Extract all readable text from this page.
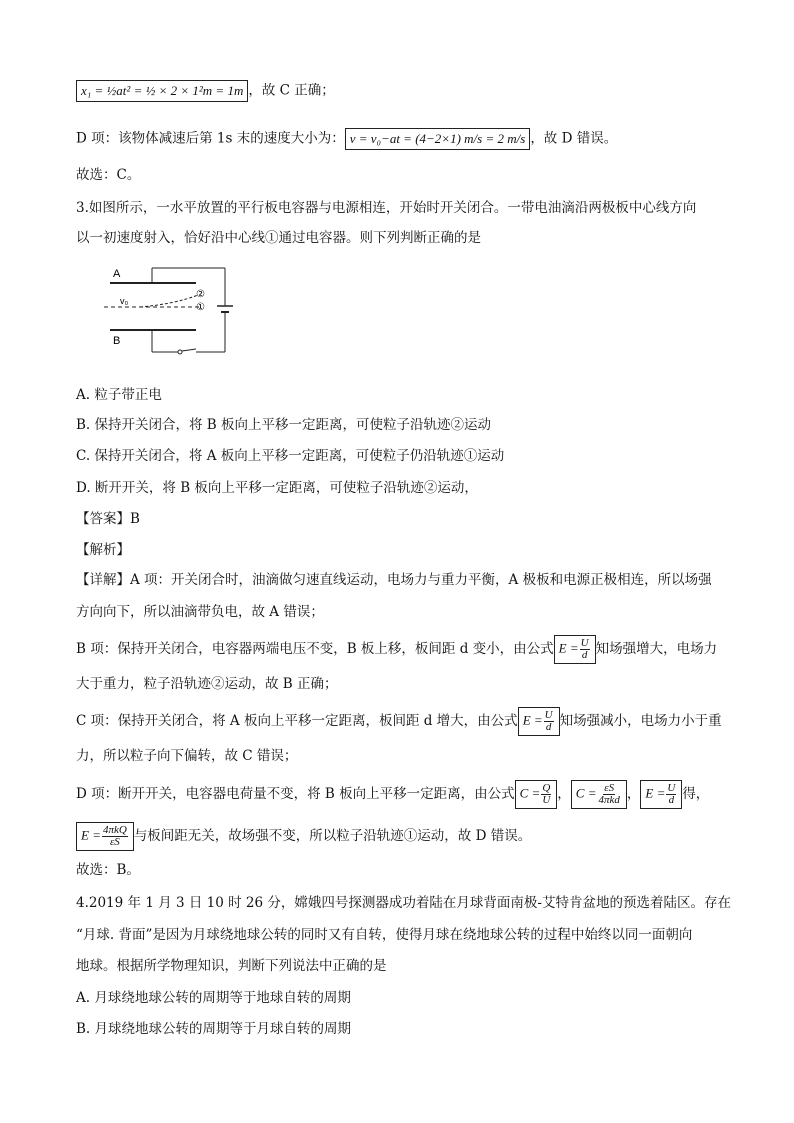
x₁ = ½at² = ½ × 2 × 1²m = 1m ，故 C 正确；
D 项：该物体减速后第 1s 末的速度大小为： v = v₀−at = (4−2×1) m/s = 2 m/s ，故 D 错误。
故选：C。
3.如图所示，一水平放置的平行板电容器与电源相连，开始时开关闭合。一带电油滴沿两极板中心线方向
以一初速度射入，恰好沿中心线①通过电容器。则下列判断正确的是
A
B
v₀
②
①
A. 粒子带正电
B. 保持开关闭合，将 B 板向上平移一定距离，可使粒子沿轨迹②运动
C. 保持开关闭合，将 A 板向上平移一定距离，可使粒子仍沿轨迹①运动
D. 断开开关，将 B 板向上平移一定距离，可使粒子沿轨迹②运动，
【答案】B
【解析】
【详解】A 项：开关闭合时，油滴做匀速直线运动，电场力与重力平衡，A 极板和电源正极相连，所以场强
方向向下，所以油滴带负电，故 A 错误；
B 项：保持开关闭合，电容器两端电压不变，B 板上移，板间距 d 变小，由公式 $E = \frac{U}{d}$ 知场强增大，电场力
大于重力，粒子沿轨迹②运动，故 B 正确；
C 项：保持开关闭合，将 A 板向上平移一定距离，板间距 d 增大，由公式 $E = \frac{U}{d}$ 知场强减小，电场力小于重
力，所以粒子向下偏转，故 C 错误；
D 项：断开开关，电容器电荷量不变，将 B 板向上平移一定距离，由公式 $C = \frac{Q}{U}$ ， $C = \frac{\varepsilon S}{\text{4πkd}}$ ， $E = \frac{U}{d}$ 得，
$E = \frac{\text{4πkQ}}{\varepsilon S}$ 与板间距无关，故场强不变，所以粒子沿轨迹①运动，故 D 错误。
故选：B。
4.2019 年 1 月 3 日 10 时 26 分，嫦娥四号探测器成功着陆在月球背面南极-艾特肯盆地的预选着陆区。存在
“月球. 背面”是因为月球绕地球公转的同时又有自转，使得月球在绕地球公转的过程中始终以同一面朝向
地球。根据所学物理知识，判断下列说法中正确的是
A. 月球绕地球公转的周期等于地球自转的周期
B. 月球绕地球公转的周期等于月球自转的周期
